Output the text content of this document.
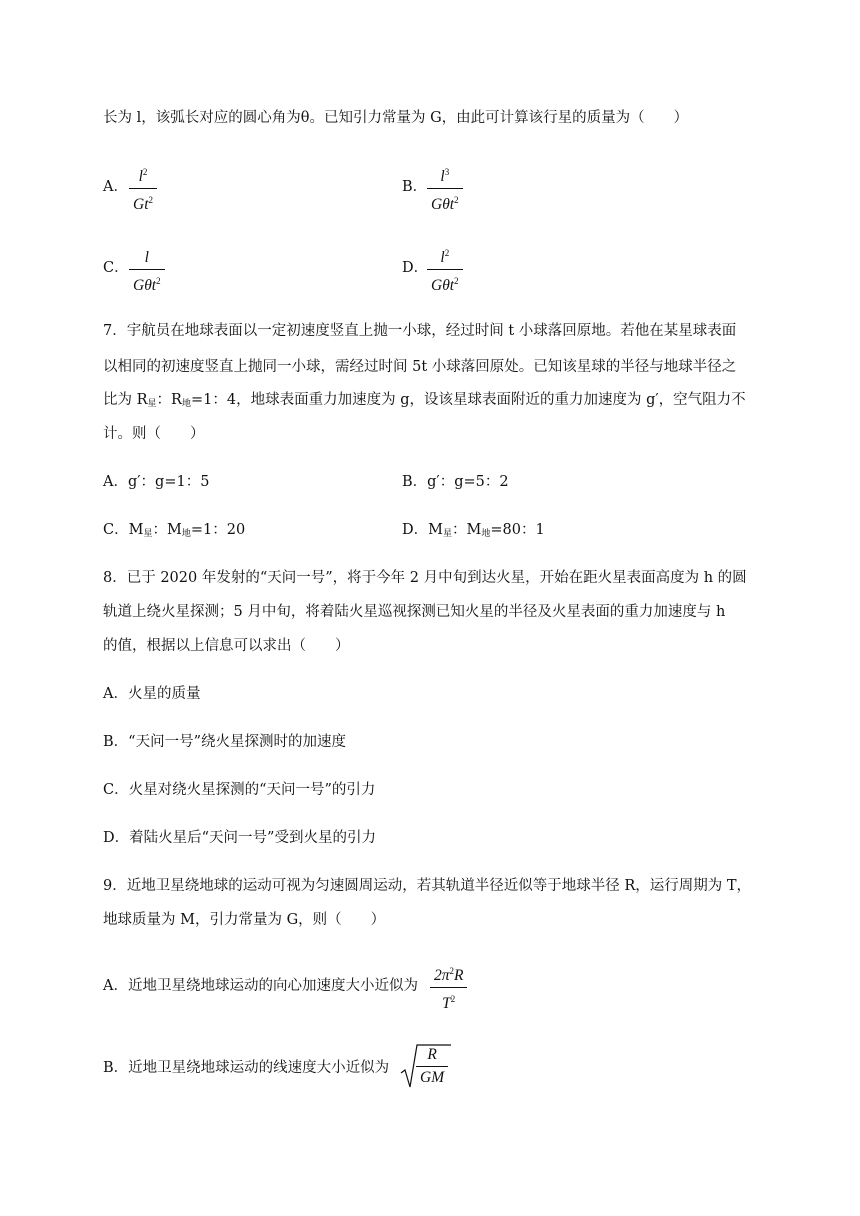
长为 l，该弧长对应的圆心角为θ。已知引力常量为 G，由此可计算该行星的质量为（　　）
A．
$l^2$
Gt$^2$
B．
$l^3$
Gθt$^2$
C．
l
Gθt$^2$
D．
$l^2$
Gθt$^2$
7．宇航员在地球表面以一定初速度竖直上抛一小球，经过时间 t 小球落回原地。若他在某星球表面
以相同的初速度竖直上抛同一小球，需经过时间 5t 小球落回原处。已知该星球的半径与地球半径之
比为 $R_星$：$R_地=1$：4，地球表面重力加速度为 g，设该星球表面附近的重力加速度为 g′，空气阻力不
计。则（　　）
A．g′：g=1：5	B．g′：g=5：2
C．$M_星$：$M_地=1$：20	D．$M_星$：$M_地=80$：1
8．已于 2020 年发射的“天问一号”，将于今年 2 月中旬到达火星，开始在距火星表面高度为 h 的圆
轨道上绕火星探测；5 月中旬，将着陆火星巡视探测已知火星的半径及火星表面的重力加速度与 h
的值，根据以上信息可以求出（　　）
A．火星的质量
B．“天问一号”绕火星探测时的加速度
C．火星对绕火星探测的“天问一号”的引力
D．着陆火星后“天问一号”受到火星的引力
9．近地卫星绕地球的运动可视为匀速圆周运动，若其轨道半径近似等于地球半径 R，运行周期为 T，
地球质量为 M，引力常量为 G，则（　　）
A．近地卫星绕地球运动的向心加速度大小近似为
$2\pi^2R$
$T^2$
B．近地卫星绕地球运动的线速度大小近似为
R
GM
